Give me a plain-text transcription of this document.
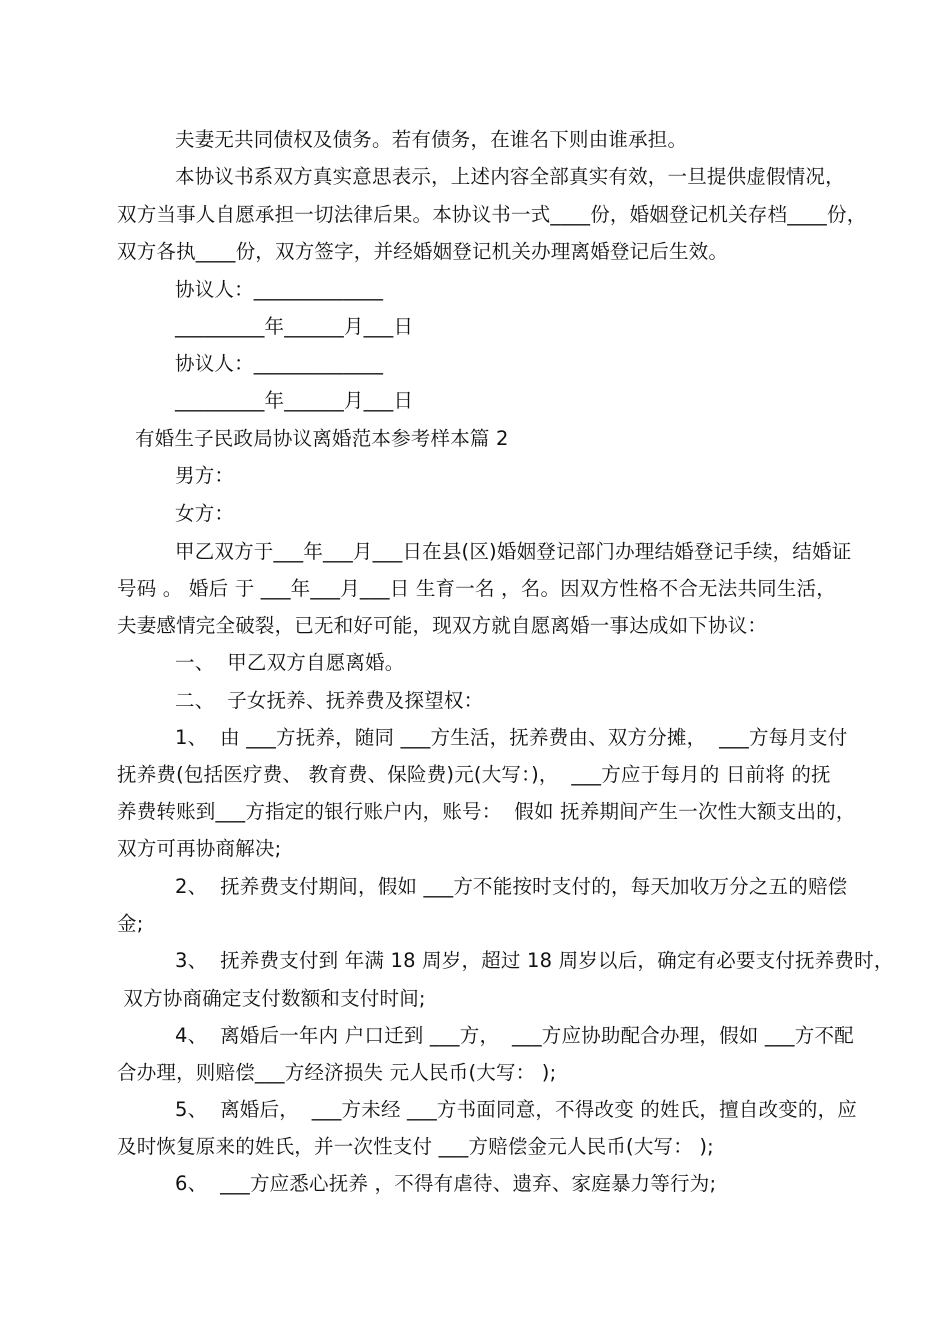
夫妻无共同债权及债务。若有债务，在谁名下则由谁承担。
本协议书系双方真实意思表示，上述内容全部真实有效，一旦提供虚假情况，
双方当事人自愿承担一切法律后果。本协议书一式____份，婚姻登记机关存档____份，
双方各执____份，双方签字，并经婚姻登记机关办理离婚登记后生效。
协议人：_____________
_________年______月___日
协议人：_____________
_________年______月___日
有婚生子民政局协议离婚范本参考样本篇 2
男方：
女方：
甲乙双方于___年___月___日在县(区)婚姻登记部门办理结婚登记手续，结婚证
号码 。 婚后 于 ___年___月___日 生育一名 ，名。因双方性格不合无法共同生活，
夫妻感情完全破裂，已无和好可能，现双方就自愿离婚一事达成如下协议：
一、  甲乙双方自愿离婚。
二、  子女抚养、抚养费及探望权：
1、  由 ___方抚养，随同 ___方生活，抚养费由、双方分摊，  ___方每月支付
抚养费(包括医疗费、 教育费、保险费)元(大写：)，  ___方应于每月的 日前将 的抚
养费转账到___方指定的银行账户内，账号：  假如 抚养期间产生一次性大额支出的，
双方可再协商解决;
2、  抚养费支付期间，假如 ___方不能按时支付的，每天加收万分之五的赔偿
金;
3、  抚养费支付到 年满 18 周岁，超过 18 周岁以后，确定有必要支付抚养费时，
双方协商确定支付数额和支付时间;
4、  离婚后一年内 户口迁到 ___方，  ___方应协助配合办理，假如 ___方不配
合办理，则赔偿___方经济损失 元人民币(大写： );
5、  离婚后，  ___方未经 ___方书面同意，不得改变 的姓氏，擅自改变的，应
及时恢复原来的姓氏，并一次性支付 ___方赔偿金元人民币(大写： );
6、  ___方应悉心抚养 ，不得有虐待、遗弃、家庭暴力等行为;
